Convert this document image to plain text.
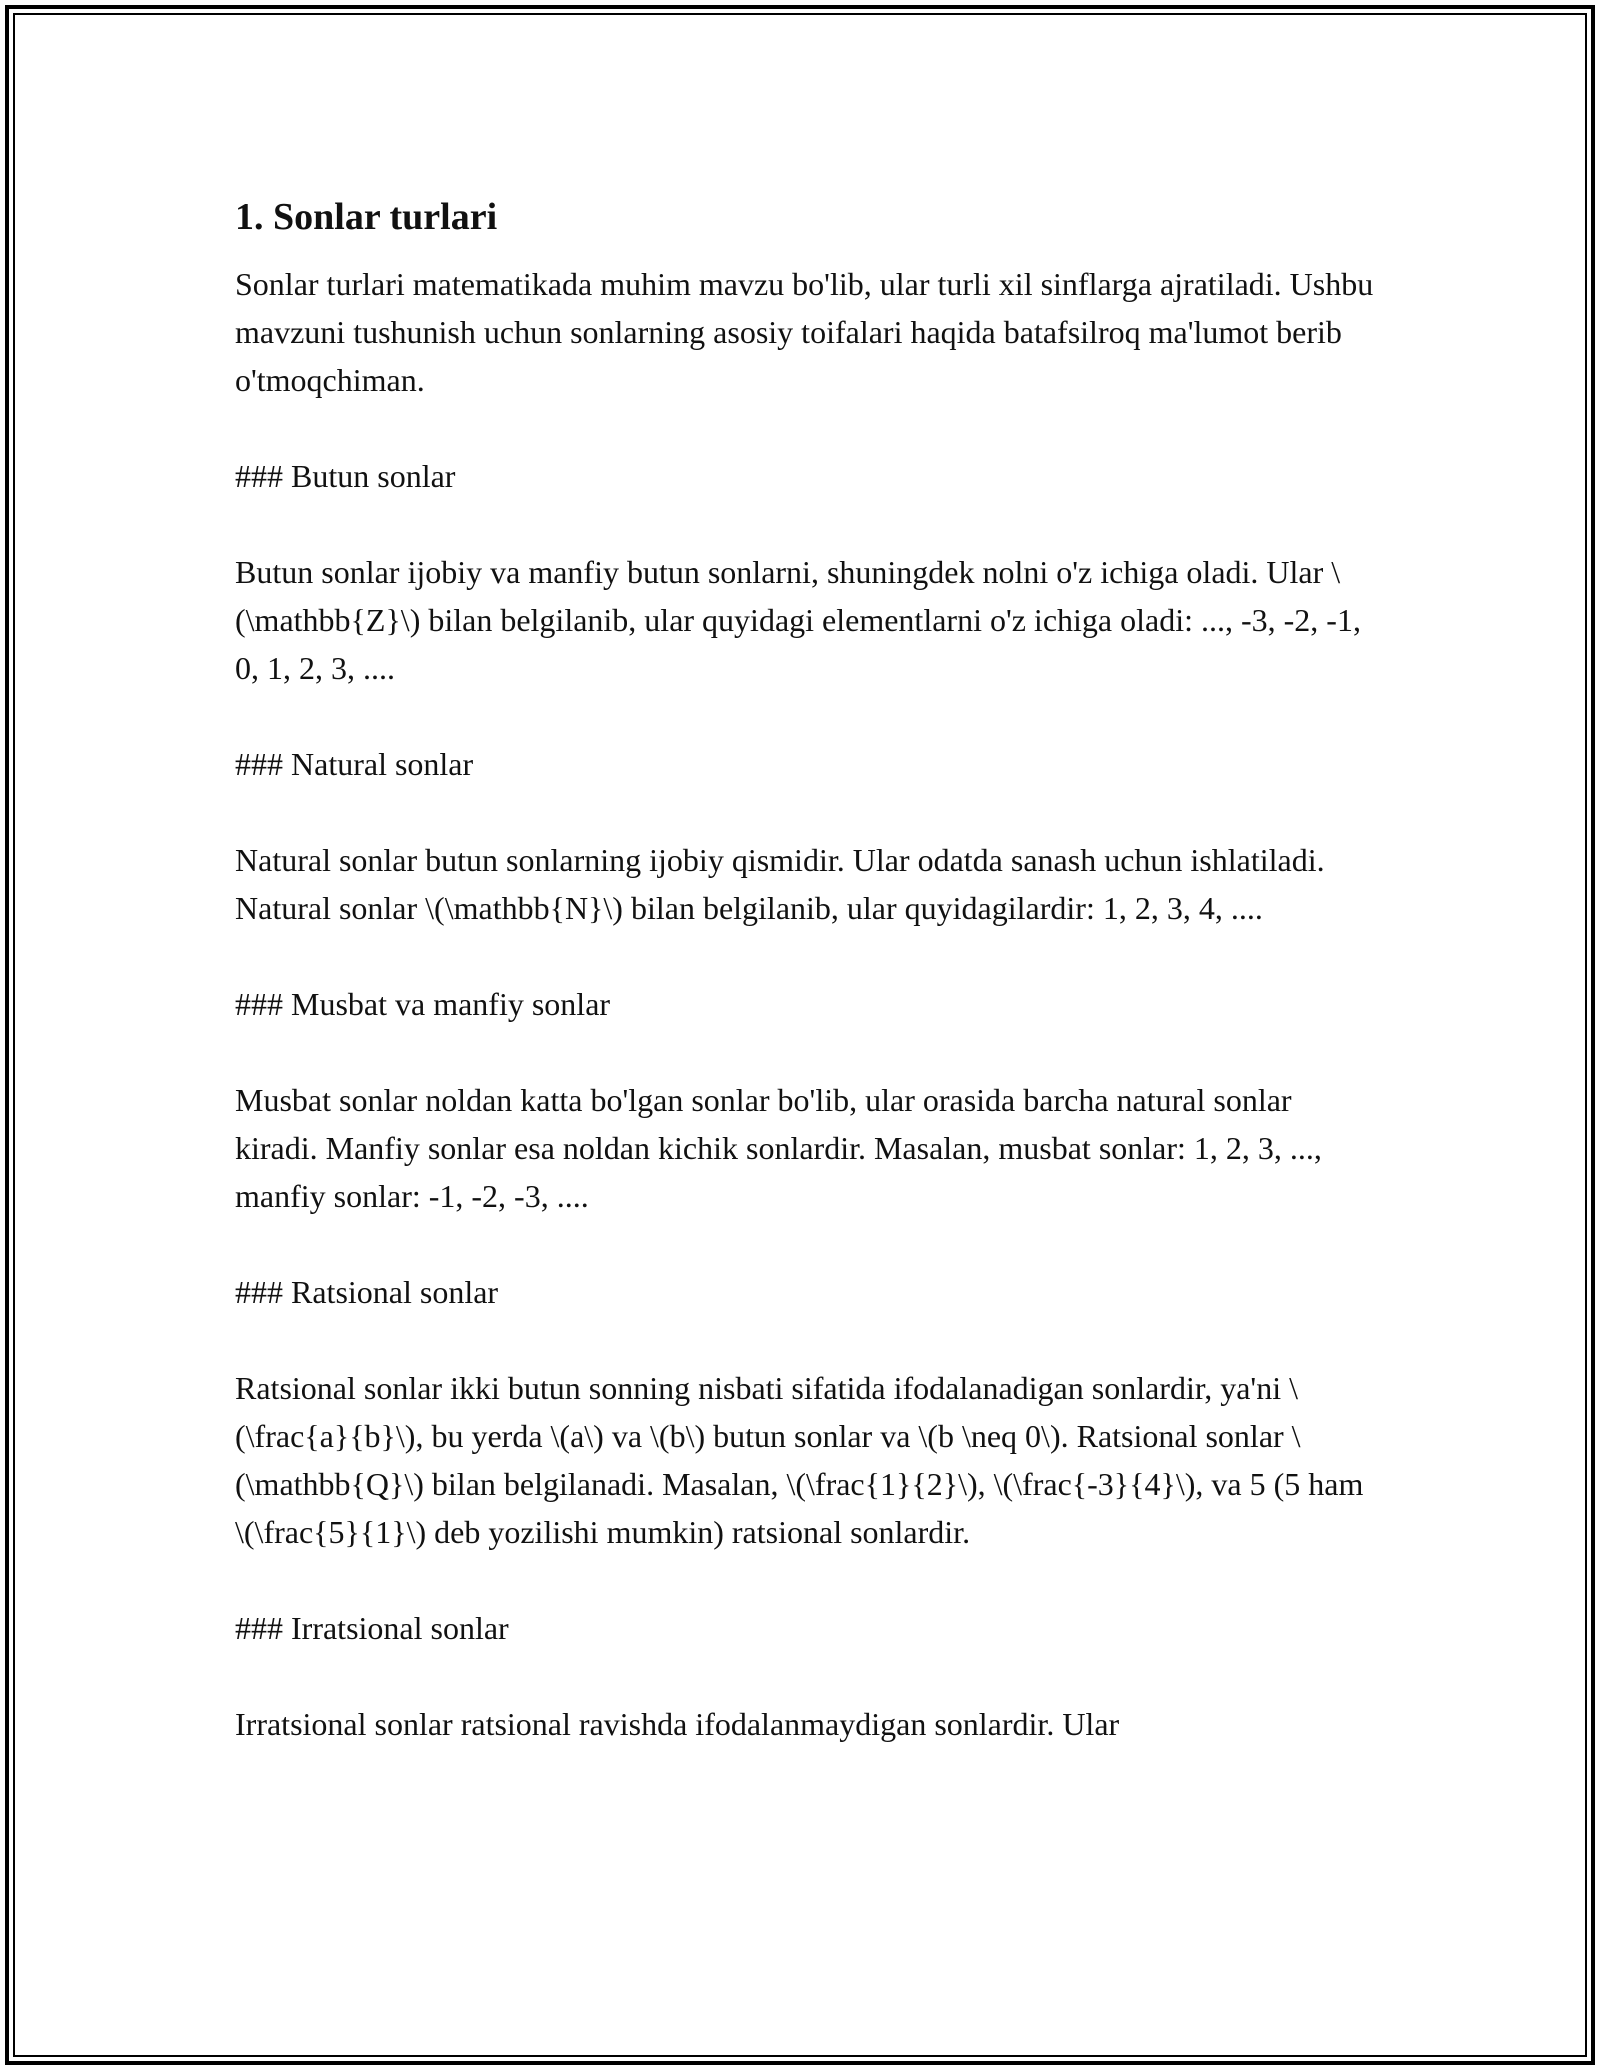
1. Sonlar turlari
Sonlar turlari matematikada muhim mavzu bo'lib, ular turli xil sinflarga ajratiladi. Ushbu mavzuni tushunish uchun sonlarning asosiy toifalari haqida batafsilroq ma'lumot berib o'tmoqchiman.
### Butun sonlar
Butun sonlar ijobiy va manfiy butun sonlarni, shuningdek nolni o'z ichiga oladi. Ular \(\mathbb{Z}\) bilan belgilanib, ular quyidagi elementlarni o'z ichiga oladi: ..., -3, -2, -1, 0, 1, 2, 3, ....
### Natural sonlar
Natural sonlar butun sonlarning ijobiy qismidir. Ular odatda sanash uchun ishlatiladi. Natural sonlar \(\mathbb{N}\) bilan belgilanib, ular quyidagilardir: 1, 2, 3, 4, ....
### Musbat va manfiy sonlar
Musbat sonlar noldan katta bo'lgan sonlar bo'lib, ular orasida barcha natural sonlar kiradi. Manfiy sonlar esa noldan kichik sonlardir. Masalan, musbat sonlar: 1, 2, 3, ..., manfiy sonlar: -1, -2, -3, ....
### Ratsional sonlar
Ratsional sonlar ikki butun sonning nisbati sifatida ifodalanadigan sonlardir, ya'ni \(\frac{a}{b}\), bu yerda \(a\) va \(b\) butun sonlar va \(b \neq 0\). Ratsional sonlar \(\mathbb{Q}\) bilan belgilanadi. Masalan, \(\frac{1}{2}\), \(\frac{-3}{4}\), va 5 (5 ham \(\frac{5}{1}\) deb yozilishi mumkin) ratsional sonlardir.
### Irratsional sonlar
Irratsional sonlar ratsional ravishda ifodalanmaydigan sonlardir. Ular
